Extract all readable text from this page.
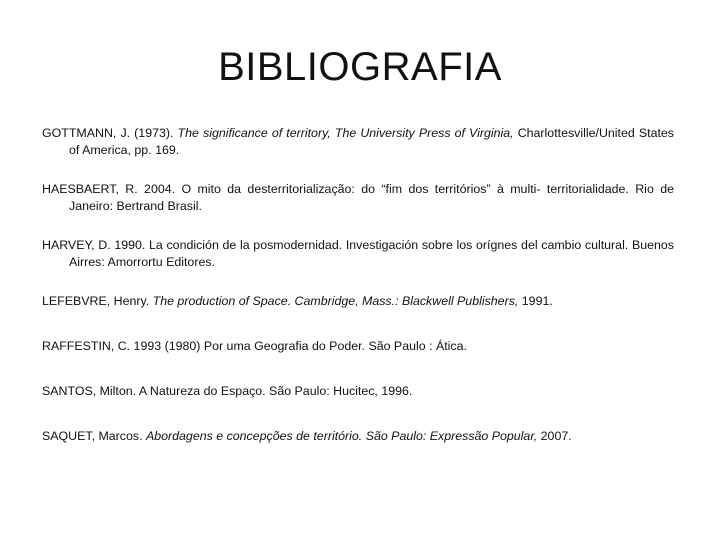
BIBLIOGRAFIA

GOTTMANN, J. (1973). The significance of territory, The University Press of Virginia, Charlottesville/United States of America, pp. 169.

HAESBAERT, R. 2004. O mito da desterritorialização: do “fim dos territórios” à multi- territorialidade. Rio de Janeiro: Bertrand Brasil.

HARVEY, D. 1990. La condición de la posmodernidad. Investigación sobre los orígnes del cambio cultural. Buenos Airres: Amorrortu Editores.

LEFEBVRE, Henry. The production of Space. Cambridge, Mass.: Blackwell Publishers, 1991.

RAFFESTIN, C. 1993 (1980) Por uma Geografia do Poder. São Paulo : Ática.

SANTOS, Milton. A Natureza do Espaço. São Paulo: Hucitec, 1996.

SAQUET, Marcos. Abordagens e concepções de território. São Paulo: Expressão Popular, 2007.
